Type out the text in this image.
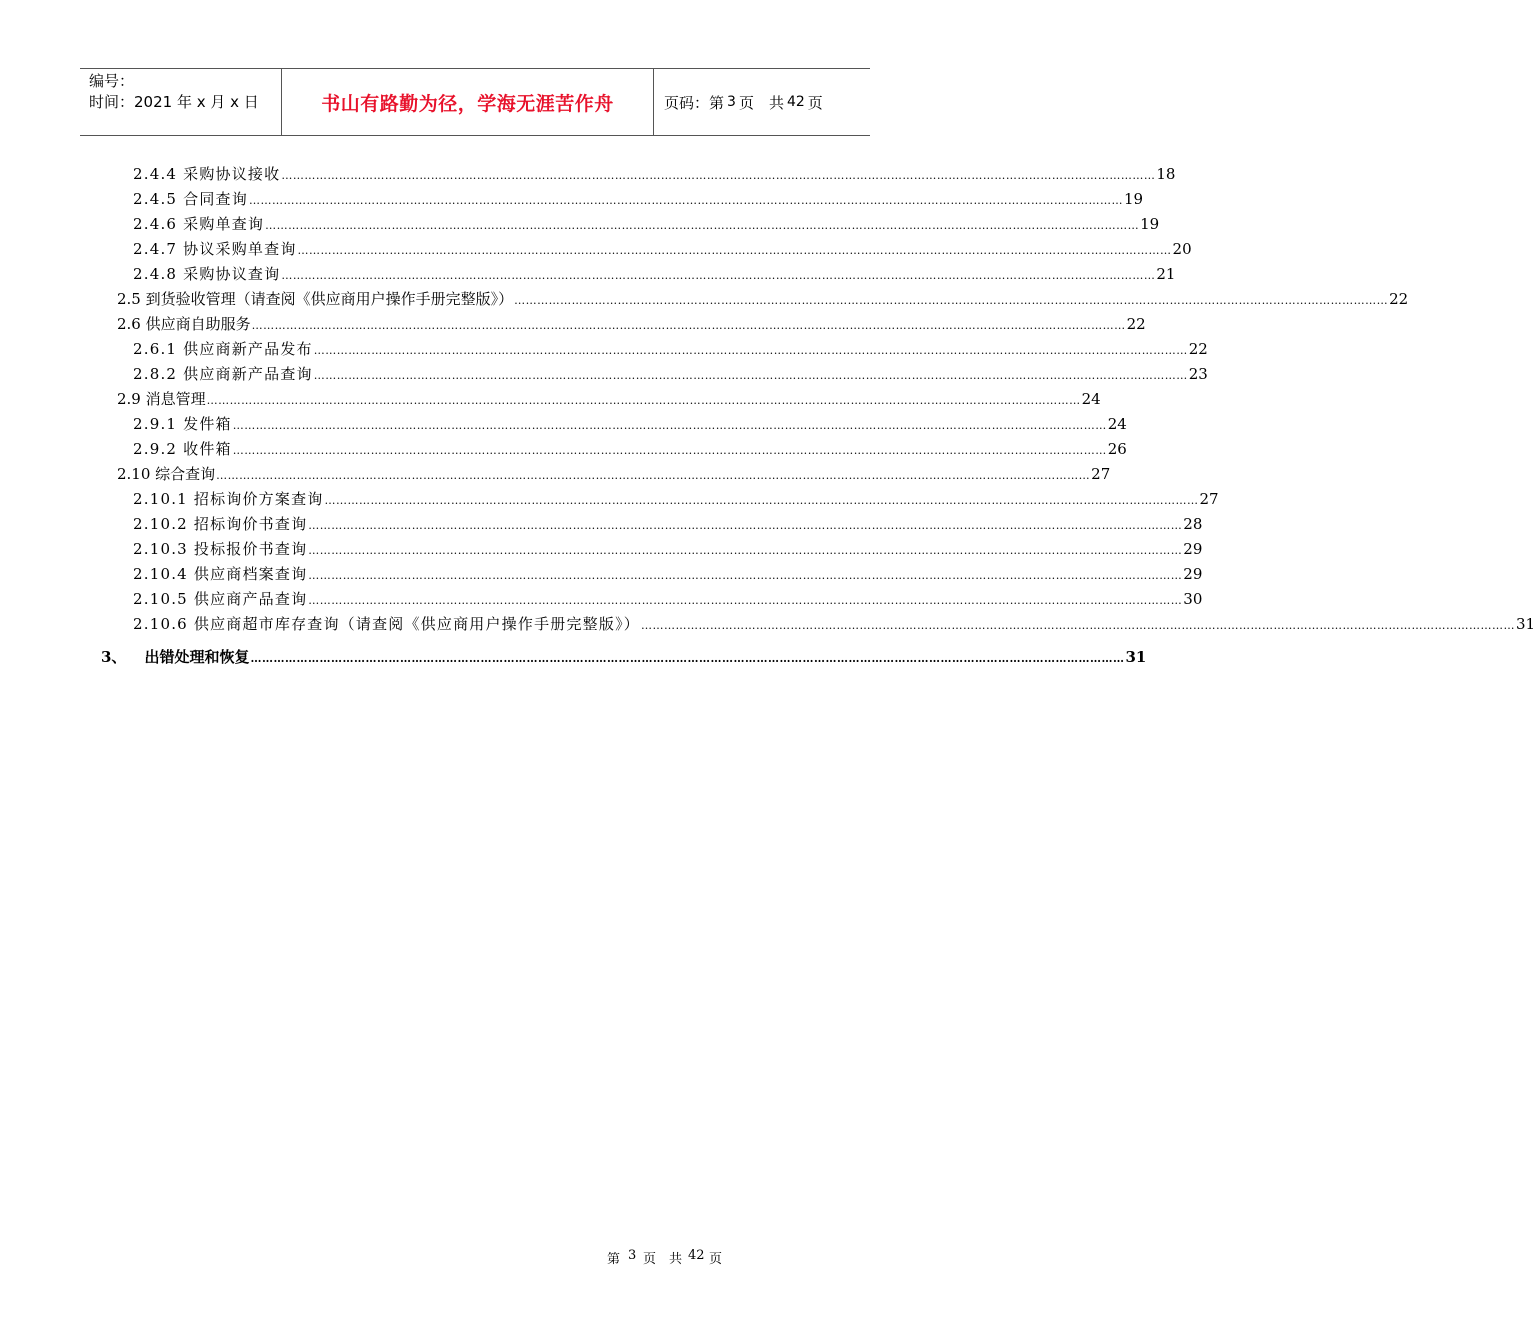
编号：
时间：2021 年 x 月 x 日	书山有路勤为径，学海无涯苦作舟	页码：第 3 页　共 42 页
2.4.4 采购协议接收 ………………………………………………………………………………………………………………………………………………………………………………………………………… 18
2.4.5 合同查询 ………………………………………………………………………………………………………………………………………………………………………………………………………… 19
2.4.6 采购单查询 ………………………………………………………………………………………………………………………………………………………………………………………………………… 19
2.4.7 协议采购单查询 ………………………………………………………………………………………………………………………………………………………………………………………………………… 20
2.4.8 采购协议查询 ………………………………………………………………………………………………………………………………………………………………………………………………………… 21
2.5 到货验收管理（请查阅《供应商用户操作手册完整版》） ………………………………………………………………………………………………………………………………………………………………………………………………………… 22
2.6 供应商自助服务 ………………………………………………………………………………………………………………………………………………………………………………………………………… 22
2.6.1 供应商新产品发布 ………………………………………………………………………………………………………………………………………………………………………………………………………… 22
2.8.2 供应商新产品查询 ………………………………………………………………………………………………………………………………………………………………………………………………………… 23
2.9 消息管理 ………………………………………………………………………………………………………………………………………………………………………………………………………… 24
2.9.1 发件箱 ………………………………………………………………………………………………………………………………………………………………………………………………………… 24
2.9.2 收件箱 ………………………………………………………………………………………………………………………………………………………………………………………………………… 26
2.10 综合查询 ………………………………………………………………………………………………………………………………………………………………………………………………………… 27
2.10.1 招标询价方案查询 ………………………………………………………………………………………………………………………………………………………………………………………………………… 27
2.10.2 招标询价书查询 ………………………………………………………………………………………………………………………………………………………………………………………………………… 28
2.10.3 投标报价书查询 ………………………………………………………………………………………………………………………………………………………………………………………………………… 29
2.10.4 供应商档案查询 ………………………………………………………………………………………………………………………………………………………………………………………………………… 29
2.10.5 供应商产品查询 ………………………………………………………………………………………………………………………………………………………………………………………………………… 30
2.10.6 供应商超市库存查询（请查阅《供应商用户操作手册完整版》） ………………………………………………………………………………………………………………………………………………………………………………………………………… 31
3、 出错处理和恢复 ………………………………………………………………………………………………………………………………………………………………………………………………………… 31
第 3 页　共 42 页
